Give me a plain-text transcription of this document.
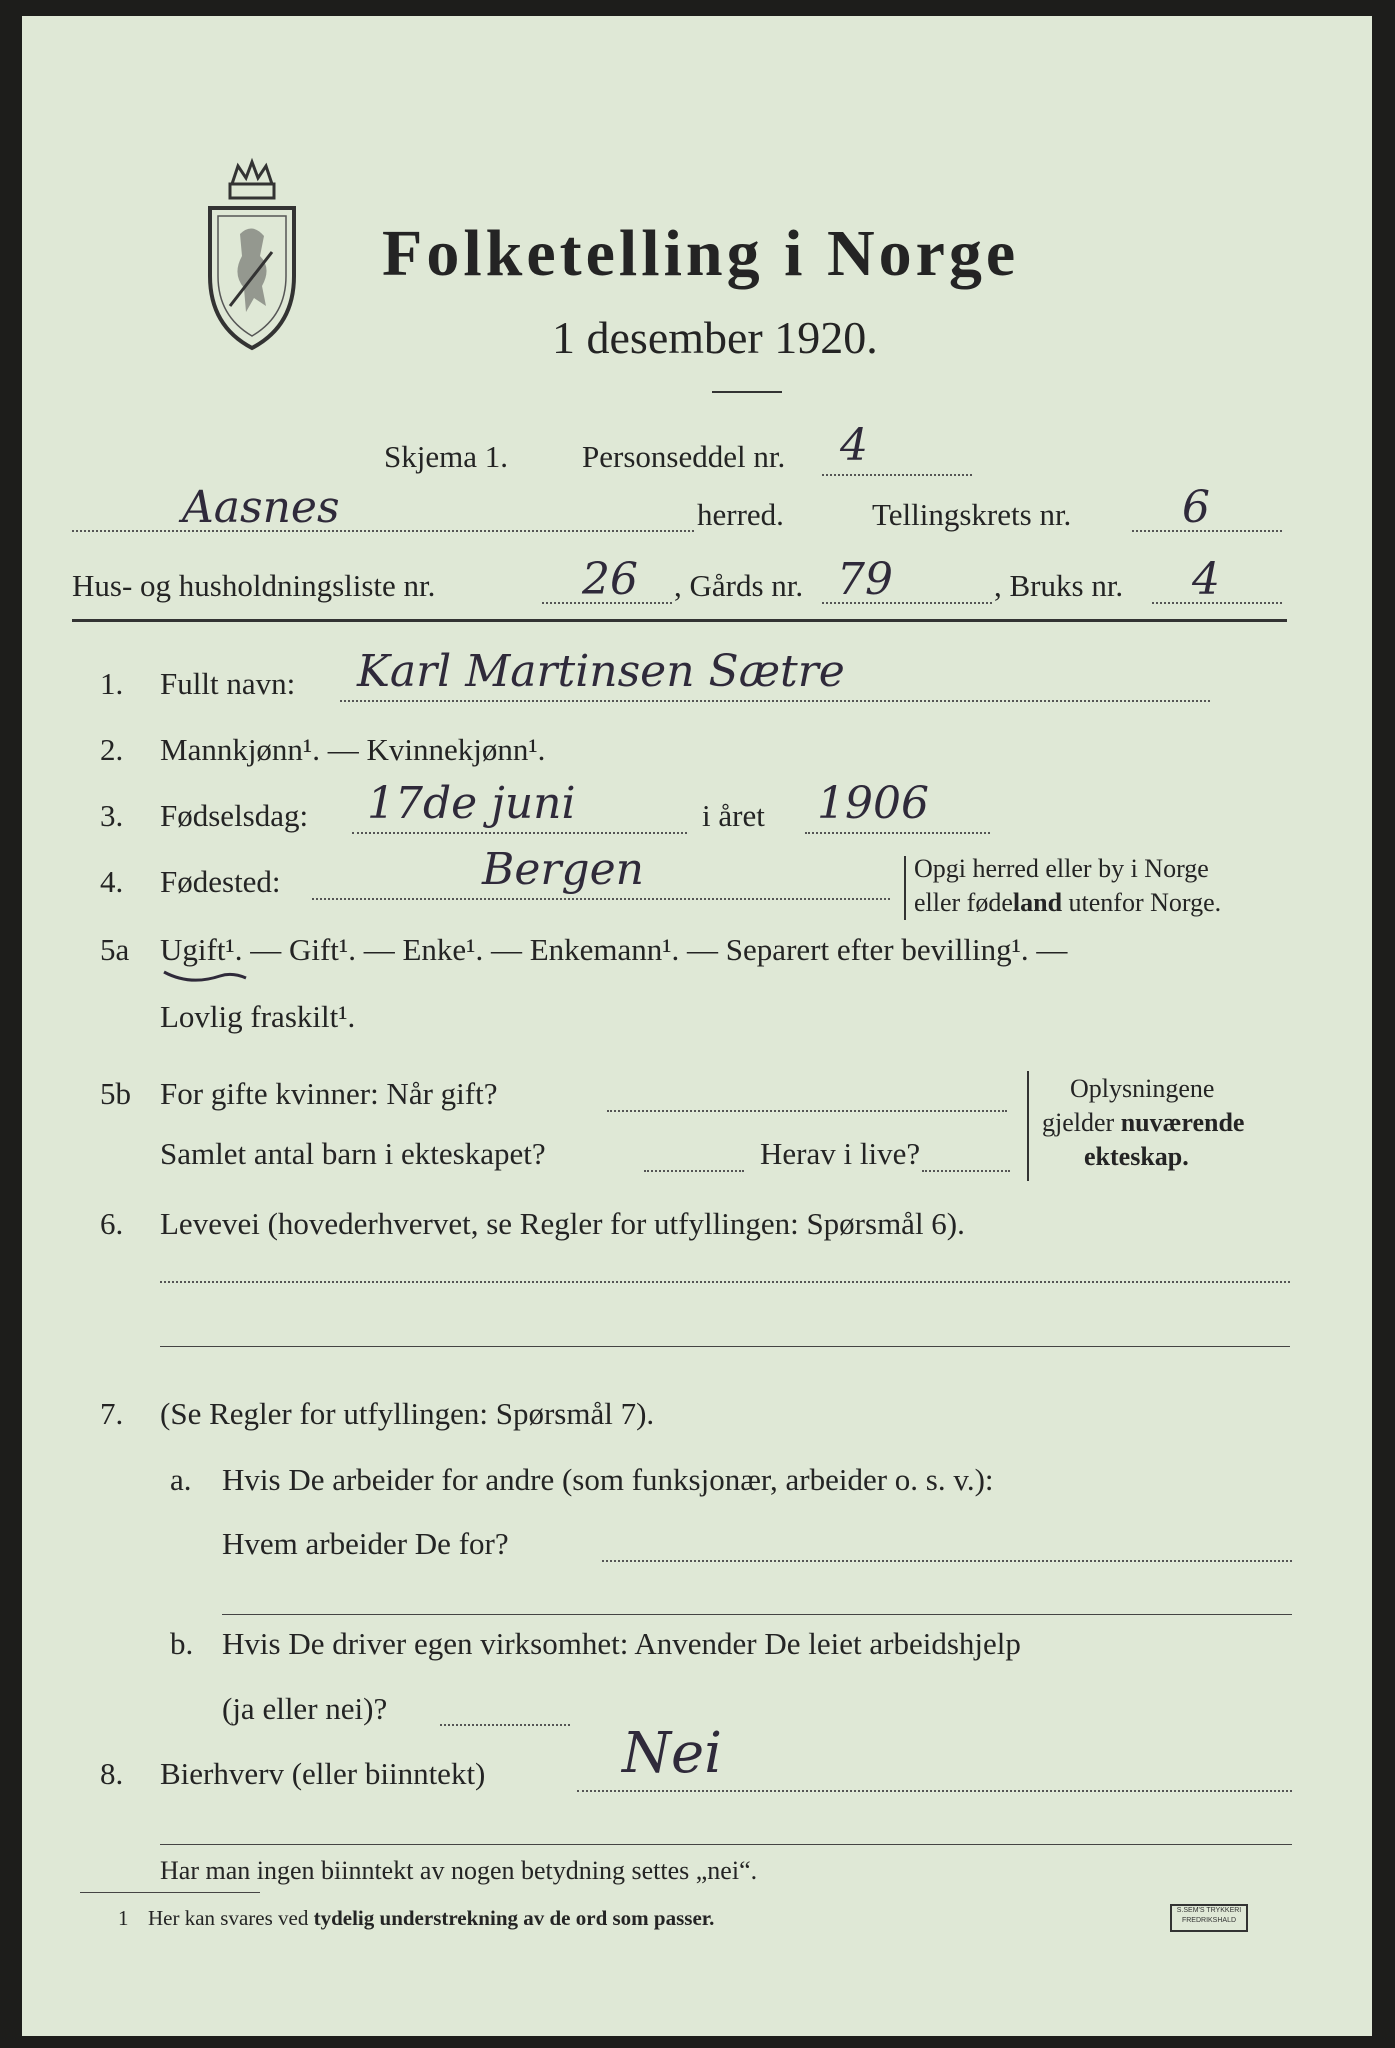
Folketelling i Norge
1 desember 1920.
Skjema 1. Personseddel nr. 4
Aasnes	herred.	Tellingskrets nr.	6
Hus- og husholdningsliste nr.	26 , Gårds nr. 79	, Bruks nr. 4
1. Fullt navn: Karl Martinsen Sætre
2. Mannkjønn¹. — Kvinnekjønn¹.
3. Fødselsdag: 17de juni	i året 1906
4. Fødested:	Bergen	Opgi herred eller by i Norge
eller fødeland utenfor Norge.
5a Ugift¹. — Gift¹. — Enke¹. — Enkemann¹. — Separert efter bevilling¹. —
Lovlig fraskilt¹.
5b For gifte kvinner: Når gift?
Samlet antal barn i ekteskapet?	Herav i live?
Oplysningene
gjelder nuværende
ekteskap.
6. Levevei (hovederhvervet, se Regler for utfyllingen: Spørsmål 6).
7. (Se Regler for utfyllingen: Spørsmål 7).
a. Hvis De arbeider for andre (som funksjonær, arbeider o. s. v.):
Hvem arbeider De for?
b. Hvis De driver egen virksomhet: Anvender De leiet arbeidshjelp
(ja eller nei)?
8. Bierhverv (eller biinntekt) Nei
Har man ingen biinntekt av nogen betydning settes „nei“.
1 Her kan svares ved tydelig understrekning av de ord som passer.	S.SEM'S TRYKKERI FREDRIKSHALD
